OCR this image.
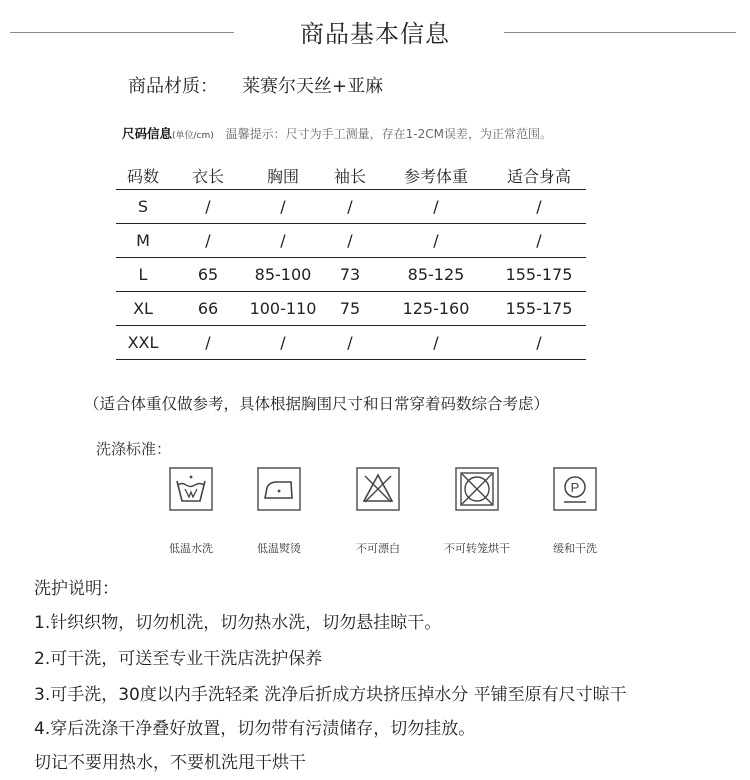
商品基本信息
商品材质： 莱赛尔天丝+亚麻
尺码信息(单位/cm) 温馨提示：尺寸为手工测量，存在1-2CM误差，为正常范围。
码数	衣长	胸围	袖长	参考体重	适合身高
S	/	/	/	/	/
M	/	/	/	/	/
L	65	85-100	73	85-125	155-175
XL	66	100-110	75	125-160	155-175
XXL	/	/	/	/	/
（适合体重仅做参考，具体根据胸围尺寸和日常穿着码数综合考虑）
洗涤标准：
低温水洗	低温熨烫	不可漂白	不可转笼烘干
P
缓和干洗
洗护说明：
1.针织织物，切勿机洗，切勿热水洗，切勿悬挂晾干。
2.可干洗，可送至专业干洗店洗护保养
3.可手洗，30度以内手洗轻柔 洗净后折成方块挤压掉水分 平铺至原有尺寸晾干
4.穿后洗涤干净叠好放置，切勿带有污渍储存，切勿挂放。
切记不要用热水，不要机洗甩干烘干
